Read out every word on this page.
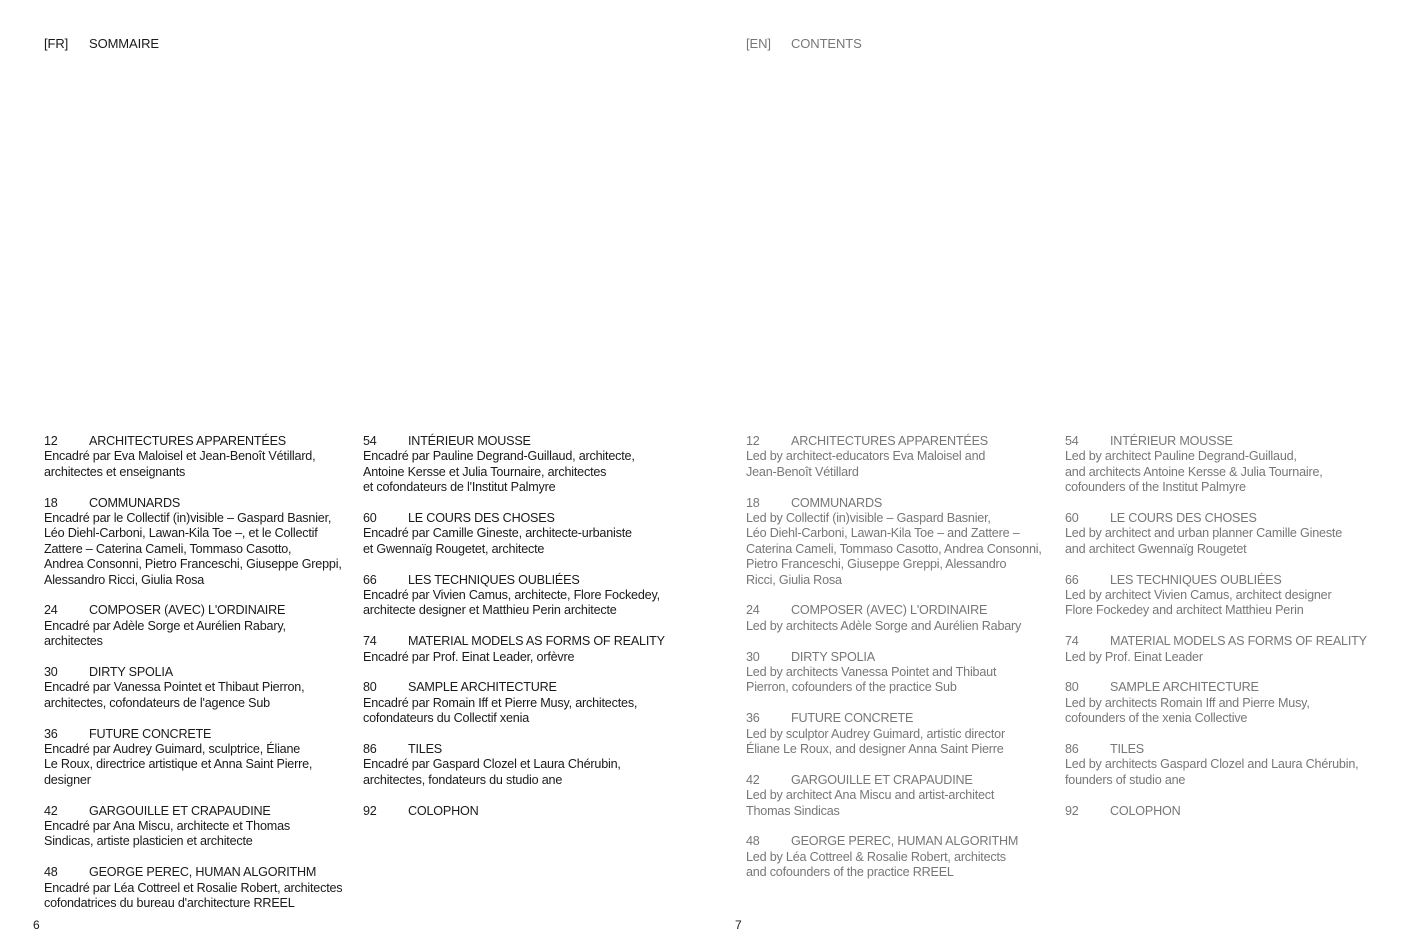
[FR] SOMMAIRE
12 ARCHITECTURES APPARENTÉES
Encadré par Eva Maloisel et Jean-Benoît Vétillard,
architectes et enseignants
18 COMMUNARDS
Encadré par le Collectif (in)visible – Gaspard Basnier,
Léo Diehl-Carboni, Lawan-Kila Toe –, et le Collectif
Zattere – Caterina Cameli, Tommaso Casotto,
Andrea Consonni, Pietro Franceschi, Giuseppe Greppi,
Alessandro Ricci, Giulia Rosa
24 COMPOSER (AVEC) L'ORDINAIRE
Encadré par Adèle Sorge et Aurélien Rabary,
architectes
30 DIRTY SPOLIA
Encadré par Vanessa Pointet et Thibaut Pierron,
architectes, cofondateurs de l'agence Sub
36 FUTURE CONCRETE
Encadré par Audrey Guimard, sculptrice, Éliane
Le Roux, directrice artistique et Anna Saint Pierre,
designer
42 GARGOUILLE ET CRAPAUDINE
Encadré par Ana Miscu, architecte et Thomas
Sindicas, artiste plasticien et architecte
48 GEORGE PEREC, HUMAN ALGORITHM
Encadré par Léa Cottreel et Rosalie Robert, architectes
cofondatrices du bureau d'architecture RREEL
54 INTÉRIEUR MOUSSE
Encadré par Pauline Degrand-Guillaud, architecte,
Antoine Kersse et Julia Tournaire, architectes
et cofondateurs de l'Institut Palmyre
60 LE COURS DES CHOSES
Encadré par Camille Gineste, architecte-urbaniste
et Gwennaïg Rougetet, architecte
66 LES TECHNIQUES OUBLIÉES
Encadré par Vivien Camus, architecte, Flore Fockedey,
architecte designer et Matthieu Perin architecte
74 MATERIAL MODELS AS FORMS OF REALITY
Encadré par Prof. Einat Leader, orfèvre
80 SAMPLE ARCHITECTURE
Encadré par Romain Iff et Pierre Musy, architectes,
cofondateurs du Collectif xenia
86 TILES
Encadré par Gaspard Clozel et Laura Chérubin,
architectes, fondateurs du studio ane
92 COLOPHON
6
[EN] CONTENTS
12 ARCHITECTURES APPARENTÉES
Led by architect-educators Eva Maloisel and
Jean-Benoît Vétillard
18 COMMUNARDS
Led by Collectif (in)visible – Gaspard Basnier,
Léo Diehl-Carboni, Lawan-Kila Toe – and Zattere –
Caterina Cameli, Tommaso Casotto, Andrea Consonni,
Pietro Franceschi, Giuseppe Greppi, Alessandro
Ricci, Giulia Rosa
24 COMPOSER (AVEC) L'ORDINAIRE
Led by architects Adèle Sorge and Aurélien Rabary
30 DIRTY SPOLIA
Led by architects Vanessa Pointet and Thibaut
Pierron, cofounders of the practice Sub
36 FUTURE CONCRETE
Led by sculptor Audrey Guimard, artistic director
Éliane Le Roux, and designer Anna Saint Pierre
42 GARGOUILLE ET CRAPAUDINE
Led by architect Ana Miscu and artist-architect
Thomas Sindicas
48 GEORGE PEREC, HUMAN ALGORITHM
Led by Léa Cottreel & Rosalie Robert, architects
and cofounders of the practice RREEL
54 INTÉRIEUR MOUSSE
Led by architect Pauline Degrand-Guillaud,
and architects Antoine Kersse & Julia Tournaire,
cofounders of the Institut Palmyre
60 LE COURS DES CHOSES
Led by architect and urban planner Camille Gineste
and architect Gwennaïg Rougetet
66 LES TECHNIQUES OUBLIÉES
Led by architect Vivien Camus, architect designer
Flore Fockedey and architect Matthieu Perin
74 MATERIAL MODELS AS FORMS OF REALITY
Led by Prof. Einat Leader
80 SAMPLE ARCHITECTURE
Led by architects Romain Iff and Pierre Musy,
cofounders of the xenia Collective
86 TILES
Led by architects Gaspard Clozel and Laura Chérubin,
founders of studio ane
92 COLOPHON
7
